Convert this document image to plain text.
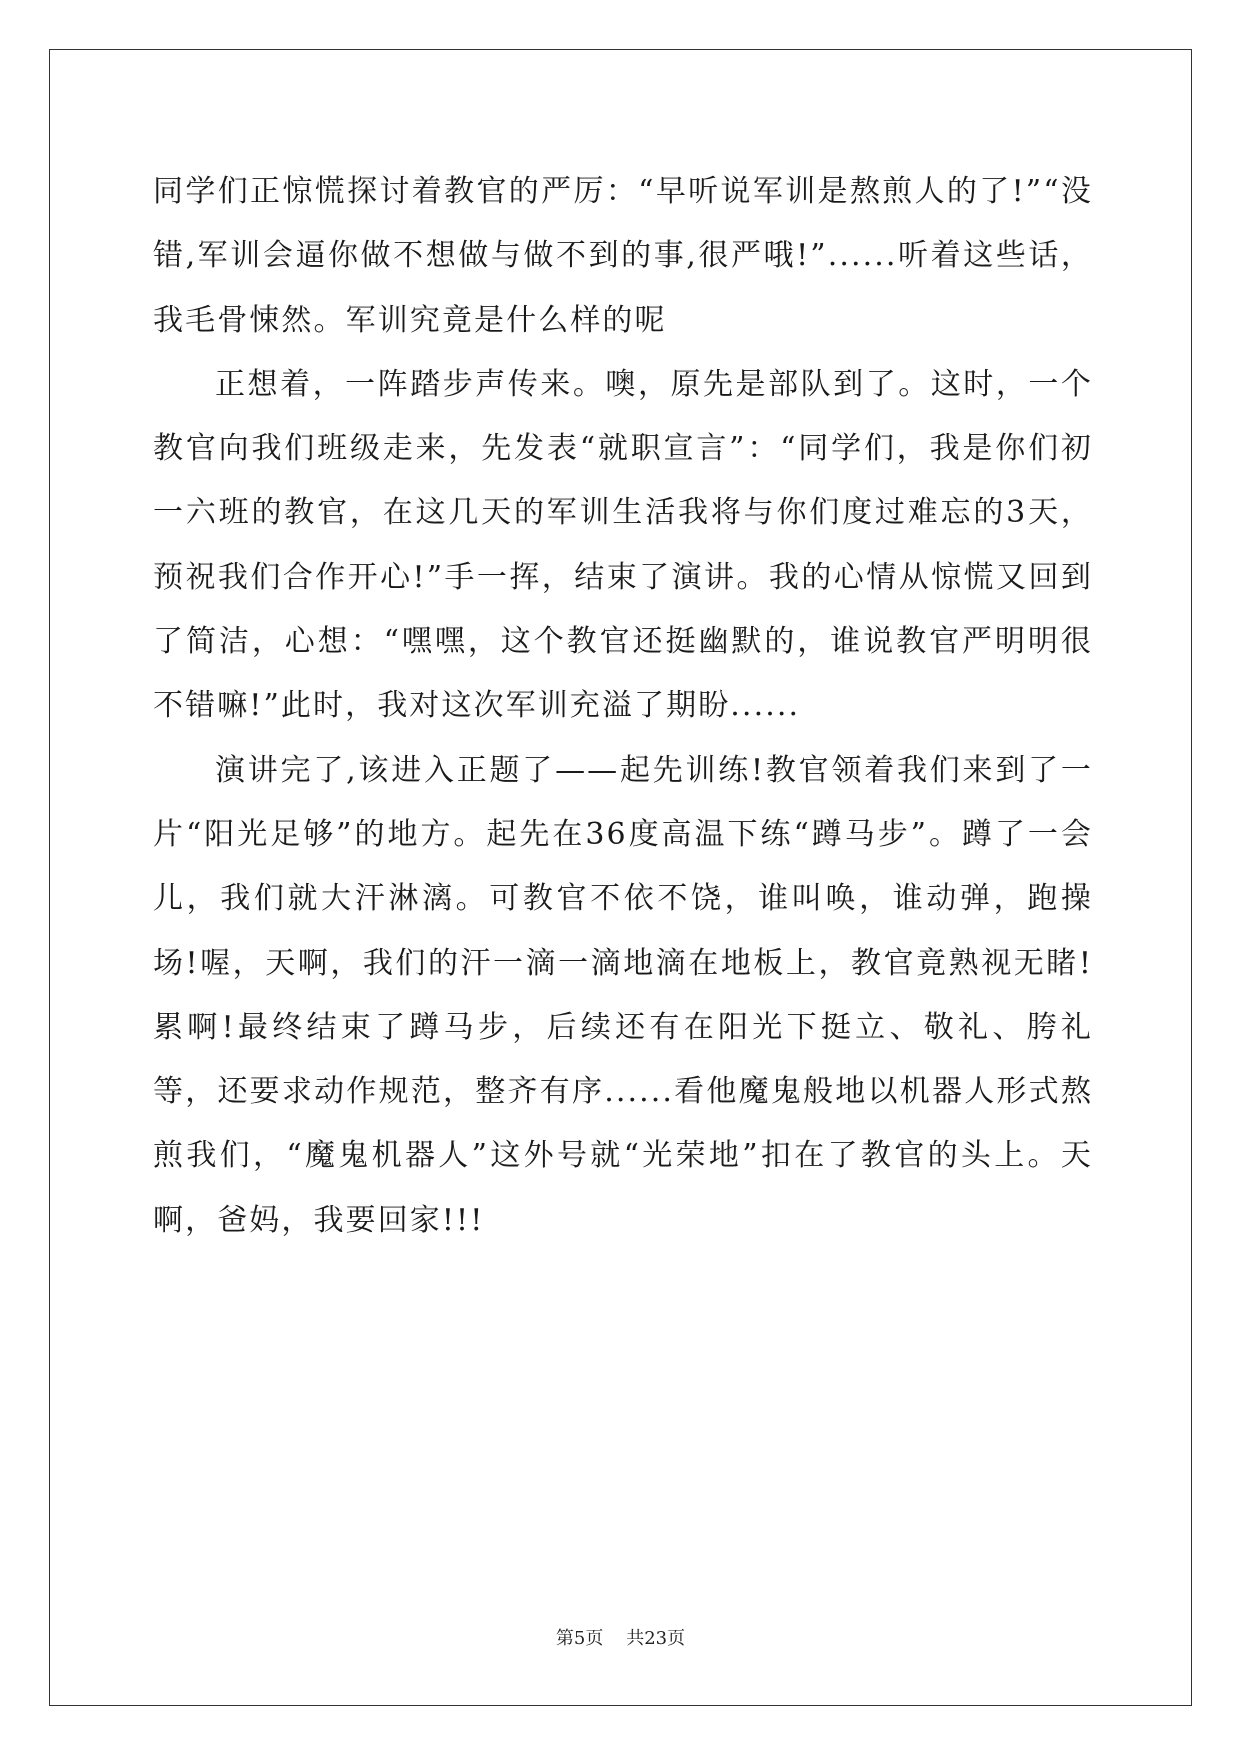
同学们正惊慌探讨着教官的严厉：“早听说军训是熬煎人的了!”“没错,军训会逼你做不想做与做不到的事,很严哦!”......听着这些话，我毛骨悚然。军训究竟是什么样的呢

正想着，一阵踏步声传来。噢，原先是部队到了。这时，一个教官向我们班级走来，先发表“就职宣言”：“同学们，我是你们初一六班的教官，在这几天的军训生活我将与你们度过难忘的3天，预祝我们合作开心!”手一挥，结束了演讲。我的心情从惊慌又回到了简洁，心想：“嘿嘿，这个教官还挺幽默的，谁说教官严明明很不错嘛!”此时，我对这次军训充溢了期盼......

演讲完了,该进入正题了——起先训练!教官领着我们来到了一片“阳光足够”的地方。起先在36度高温下练“蹲马步”。蹲了一会儿，我们就大汗淋漓。可教官不依不饶，谁叫唤，谁动弹，跑操场!喔，天啊，我们的汗一滴一滴地滴在地板上，教官竟熟视无睹!累啊!最终结束了蹲马步，后续还有在阳光下挺立、敬礼、胯礼等，还要求动作规范，整齐有序......看他魔鬼般地以机器人形式熬煎我们，“魔鬼机器人”这外号就“光荣地”扣在了教官的头上。天啊，爸妈，我要回家!!!

第5页 共23页
